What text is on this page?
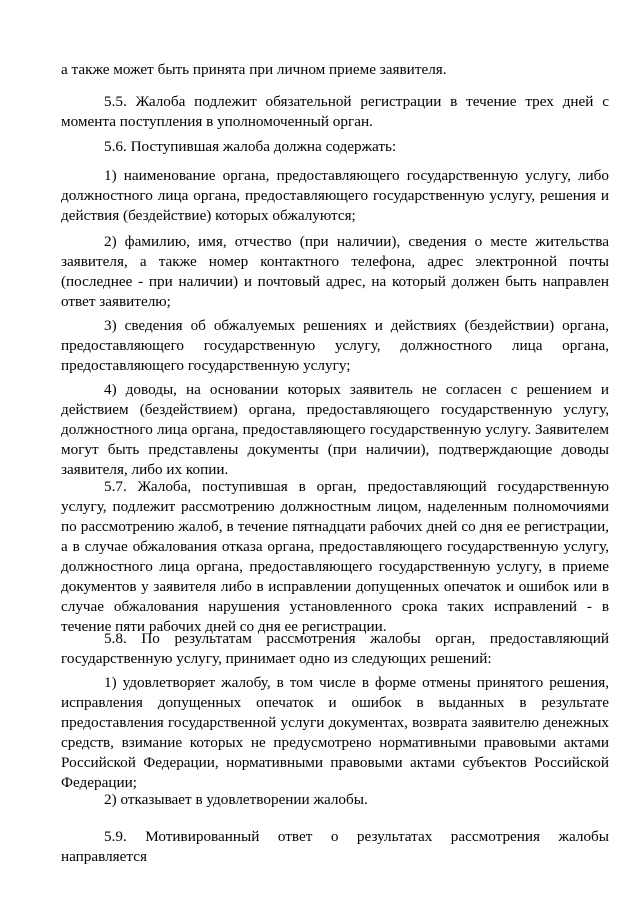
а также может быть принята при личном приеме заявителя.

5.5. Жалоба подлежит обязательной регистрации в течение трех дней с момента поступления в уполномоченный орган.

5.6. Поступившая жалоба должна содержать:

1) наименование органа, предоставляющего государственную услугу, либо должностного лица органа, предоставляющего государственную услугу, решения и действия (бездействие) которых обжалуются;

2) фамилию, имя, отчество (при наличии), сведения о месте жительства заявителя, а также номер контактного телефона, адрес электронной почты (последнее - при наличии) и почтовый адрес, на который должен быть направлен ответ заявителю;

3) сведения об обжалуемых решениях и действиях (бездействии) органа, предоставляющего государственную услугу, должностного лица органа, предоставляющего государственную услугу;

4) доводы, на основании которых заявитель не согласен с решением и действием (бездействием) органа, предоставляющего государственную услугу, должностного лица органа, предоставляющего государственную услугу. Заявителем могут быть представлены документы (при наличии), подтверждающие доводы заявителя, либо их копии.

5.7. Жалоба, поступившая в орган, предоставляющий государственную услугу, подлежит рассмотрению должностным лицом, наделенным полномочиями по рассмотрению жалоб, в течение пятнадцати рабочих дней со дня ее регистрации, а в случае обжалования отказа органа, предоставляющего государственную услугу, должностного лица органа, предоставляющего государственную услугу, в приеме документов у заявителя либо в исправлении допущенных опечаток и ошибок или в случае обжалования нарушения установленного срока таких исправлений - в течение пяти рабочих дней со дня ее регистрации.

5.8. По результатам рассмотрения жалобы орган, предоставляющий государственную услугу, принимает одно из следующих решений:

1) удовлетворяет жалобу, в том числе в форме отмены принятого решения, исправления допущенных опечаток и ошибок в выданных в результате предоставления государственной услуги документах, возврата заявителю денежных средств, взимание которых не предусмотрено нормативными правовыми актами Российской Федерации, нормативными правовыми актами субъектов Российской Федерации;

2) отказывает в удовлетворении жалобы.

5.9. Мотивированный ответ о результатах рассмотрения жалобы направляется
